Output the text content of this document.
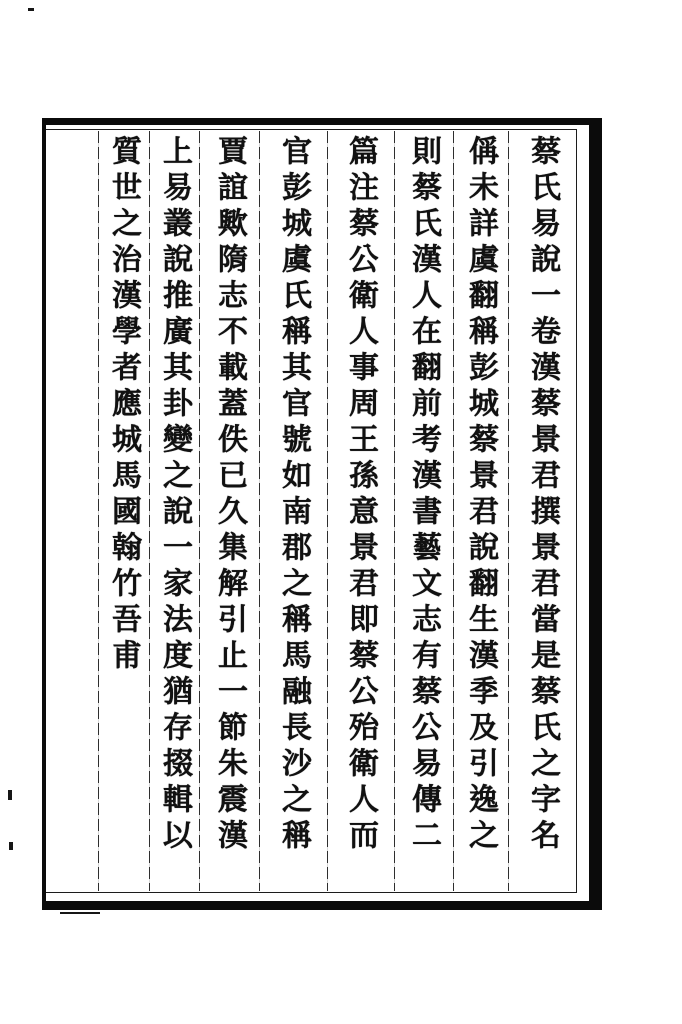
蔡氏易說一卷漢蔡景君撰景君當是蔡氏之字名
偁未詳虞翻稱彭城蔡景君說翻生漢季及引逸之
則蔡氏漢人在翻前考漢書藝文志有蔡公易傳二
篇注蔡公衛人事周王孫意景君即蔡公殆衛人而
官彭城虞氏稱其官號如南郡之稱馬融長沙之稱
賈誼歟隋志不載蓋佚已久集解引止一節朱震漢
上易叢說推廣其卦變之說一家法度猶存掇輯以
質世之治漢學者應城馬國翰竹吾甫
